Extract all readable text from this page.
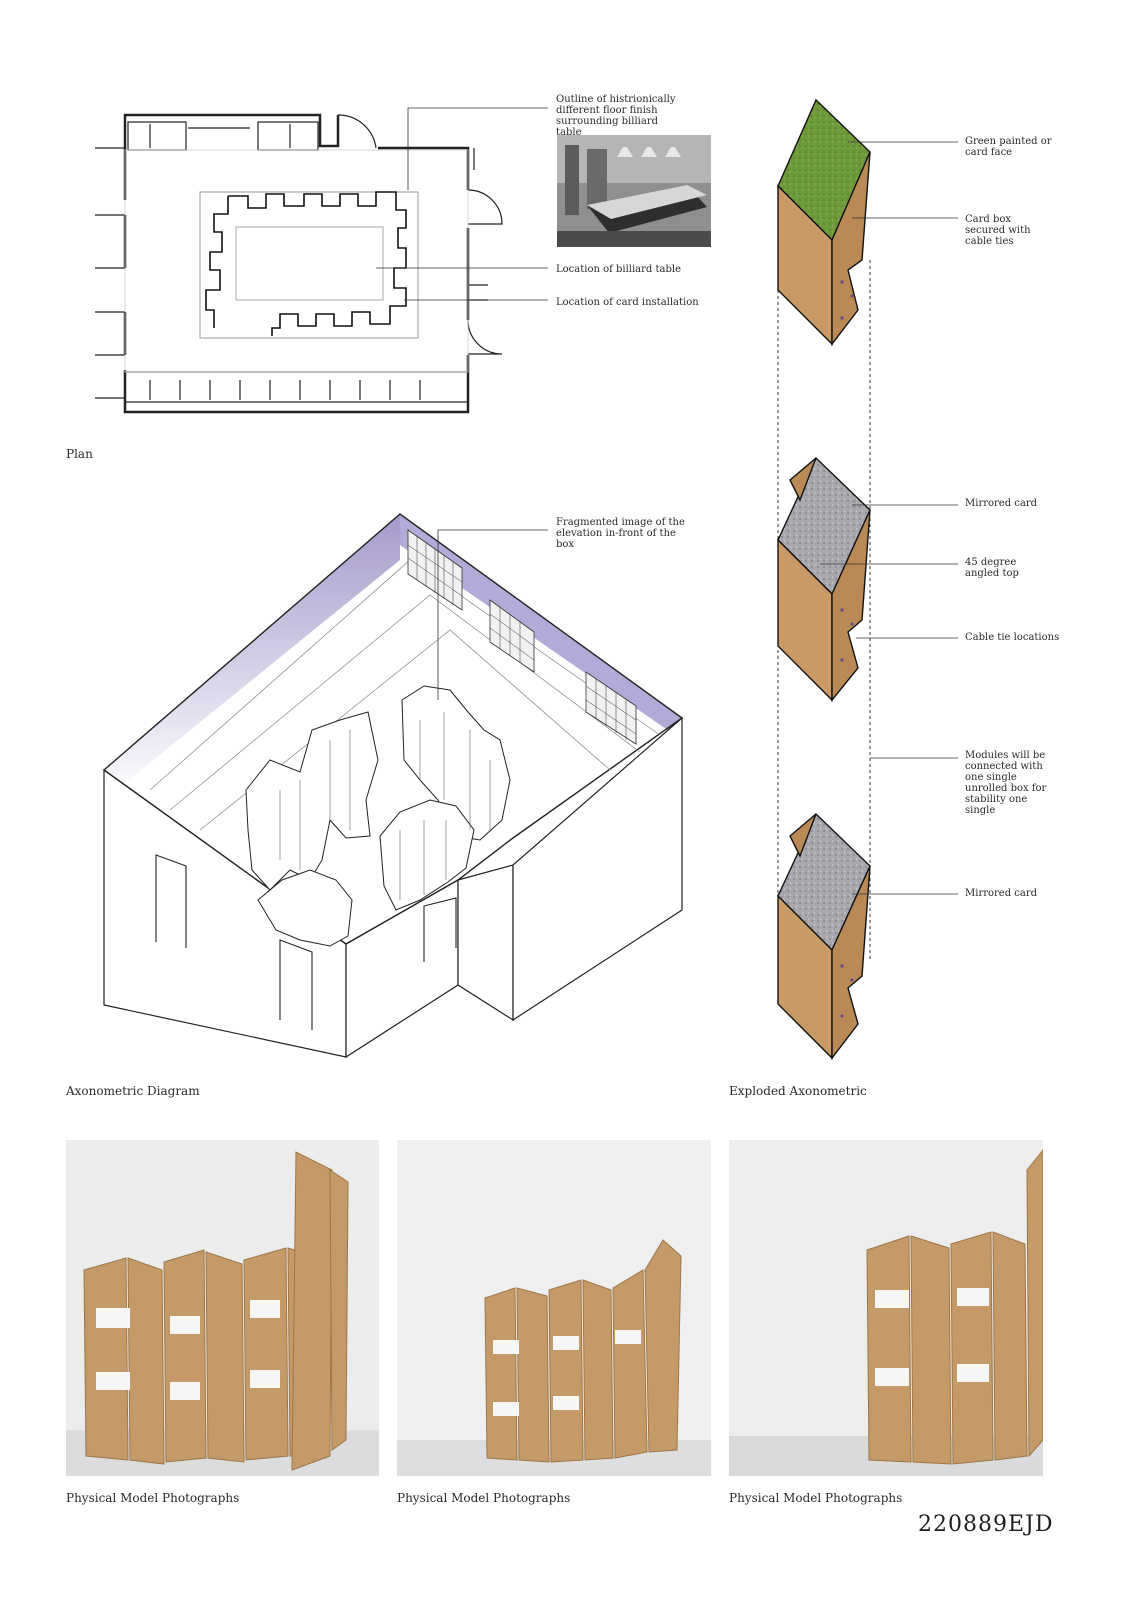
Outline of histrionically different floor finish surrounding billiard table
Location of billiard table
Location of card installation
Plan
Fragmented image of the elevation in-front of the box
Axonometric Diagram
Green painted or card face
Card box secured with cable ties
Mirrored card
45 degree angled top
Cable tie locations
Modules will be connected with one single unrolled box for stability one single
Mirrored card
Exploded Axonometric
Physical Model Photographs	Physical Model Photographs	Physical Model Photographs
220889EJD
